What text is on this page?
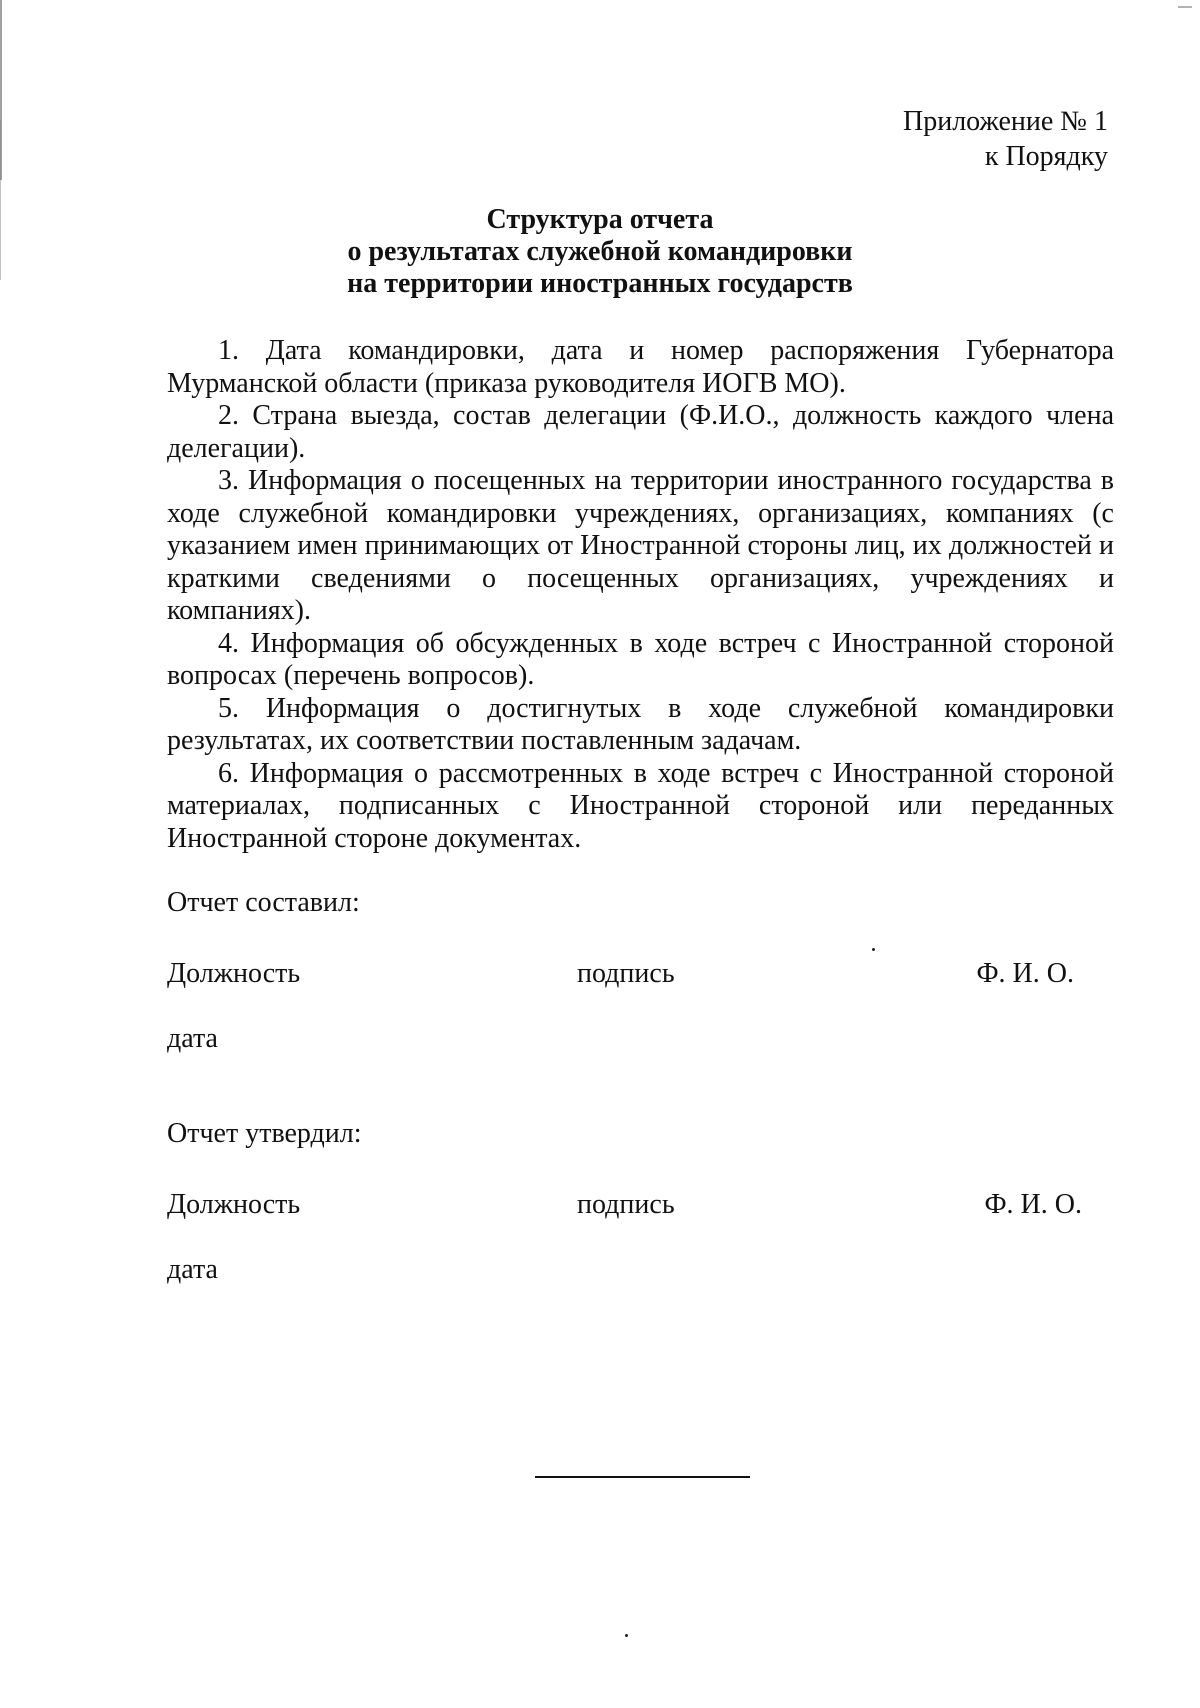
Приложение № 1
к Порядку
Структура отчета
о результатах служебной командировки
на территории иностранных государств

1. Дата командировки, дата и номер распоряжения Губернатора Мурманской области (приказа руководителя ИОГВ МО).

2. Страна выезда, состав делегации (Ф.И.О., должность каждого члена делегации).

3. Информация о посещенных на территории иностранного государства в ходе служебной командировки учреждениях, организациях, компаниях (с указанием имен принимающих от Иностранной стороны лиц, их должностей и краткими сведениями о посещенных организациях, учреждениях и компаниях).

4. Информация об обсужденных в ходе встреч с Иностранной стороной вопросах (перечень вопросов).

5. Информация о достигнутых в ходе служебной командировки результатах, их соответствии поставленным задачам.

6. Информация о рассмотренных в ходе встреч с Иностранной стороной материалах, подписанных с Иностранной стороной или переданных Иностранной стороне документах.

Отчет составил:
Должность	подпись	Ф. И. О.
дата
Отчет утвердил:
Должность	подпись	Ф. И. О.
дата
